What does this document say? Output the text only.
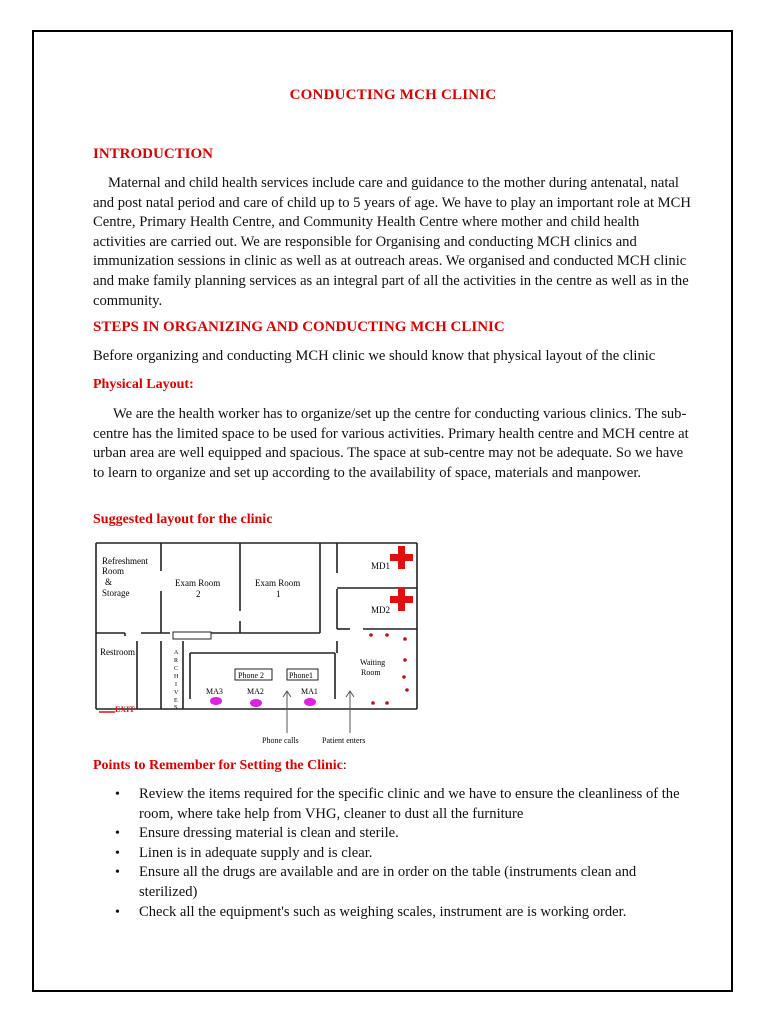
CONDUCTING MCH CLINIC
INTRODUCTION

Maternal and child health services include care and guidance to the mother during antenatal, natal and post natal period and care of child up to 5 years of age. We have to play an important role at MCH Centre, Primary Health Centre, and Community Health Centre where mother and child health activities are carried out. We are responsible for Organising and conducting MCH clinics and immunization sessions in clinic as well as at outreach areas. We organised and conducted MCH clinic and make family planning services as an integral part of all the activities in the centre as well as in the community.

STEPS IN ORGANIZING AND CONDUCTING MCH CLINIC

Before organizing and conducting MCH clinic we should know that physical layout of the clinic

Physical Layout:

We are the health worker has to organize/set up the centre for conducting various clinics. The sub-centre has the limited space to be used for various activities. Primary health centre and MCH centre at urban area are well equipped and spacious. The space at sub-centre may not be adequate. So we have to learn to organize and set up according to the availability of space, materials and manpower.

Suggested layout for the clinic
Points to Remember for Setting the Clinic:
• Review the items required for the specific clinic and we have to ensure the cleanliness of the room, where take help from VHG, cleaner to dust all the furniture
• Ensure dressing material is clean and sterile.
• Linen is in adequate supply and is clear.
• Ensure all the drugs are available and are in order on the table (instruments clean and sterilized)
• Check all the equipment's such as weighing scales, instrument are is working order.
Refreshment
Room
&
Storage
Exam Room
2
Exam Room
1
MD1
MD2
Restroom	A
R
C
H
I
V
E
S
Phone 2	Phone1
MA3	MA2	MA1
Waiting
Room
EXIT
Phone calls	Patient enters
